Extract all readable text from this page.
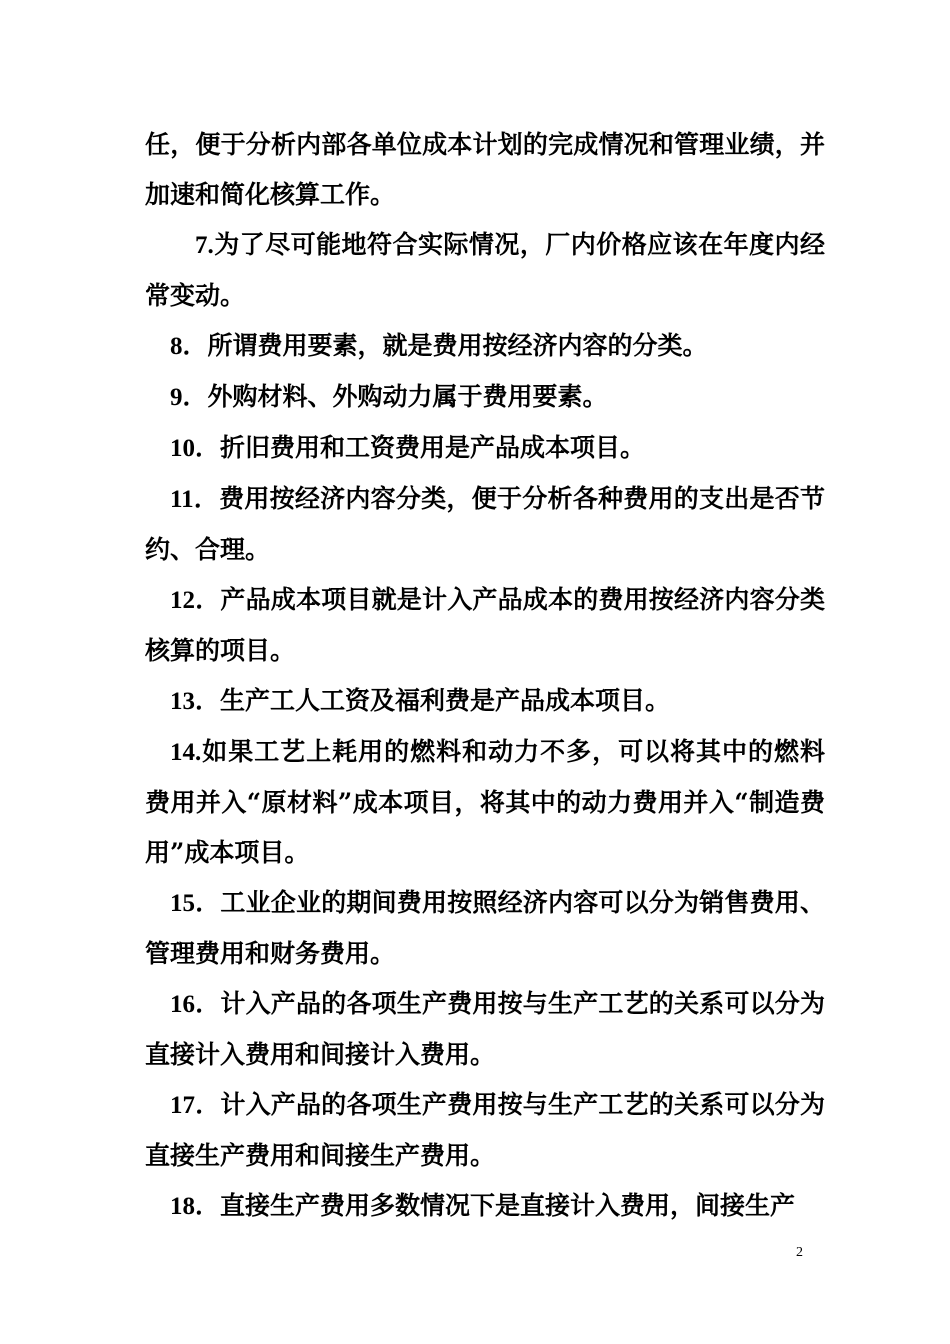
任，便于分析内部各单位成本计划的完成情况和管理业绩，并加速和简化核算工作。

7.为了尽可能地符合实际情况，厂内价格应该在年度内经常变动。

8．所谓费用要素，就是费用按经济内容的分类。

9．外购材料、外购动力属于费用要素。

10．折旧费用和工资费用是产品成本项目。

11．费用按经济内容分类，便于分析各种费用的支出是否节约、合理。

12．产品成本项目就是计入产品成本的费用按经济内容分类核算的项目。

13．生产工人工资及福利费是产品成本项目。

14.如果工艺上耗用的燃料和动力不多，可以将其中的燃料费用并入“原材料”成本项目，将其中的动力费用并入“制造费用”成本项目。

15．工业企业的期间费用按照经济内容可以分为销售费用、管理费用和财务费用。

16．计入产品的各项生产费用按与生产工艺的关系可以分为直接计入费用和间接计入费用。

17．计入产品的各项生产费用按与生产工艺的关系可以分为直接生产费用和间接生产费用。

18．直接生产费用多数情况下是直接计入费用，间接生产

2
